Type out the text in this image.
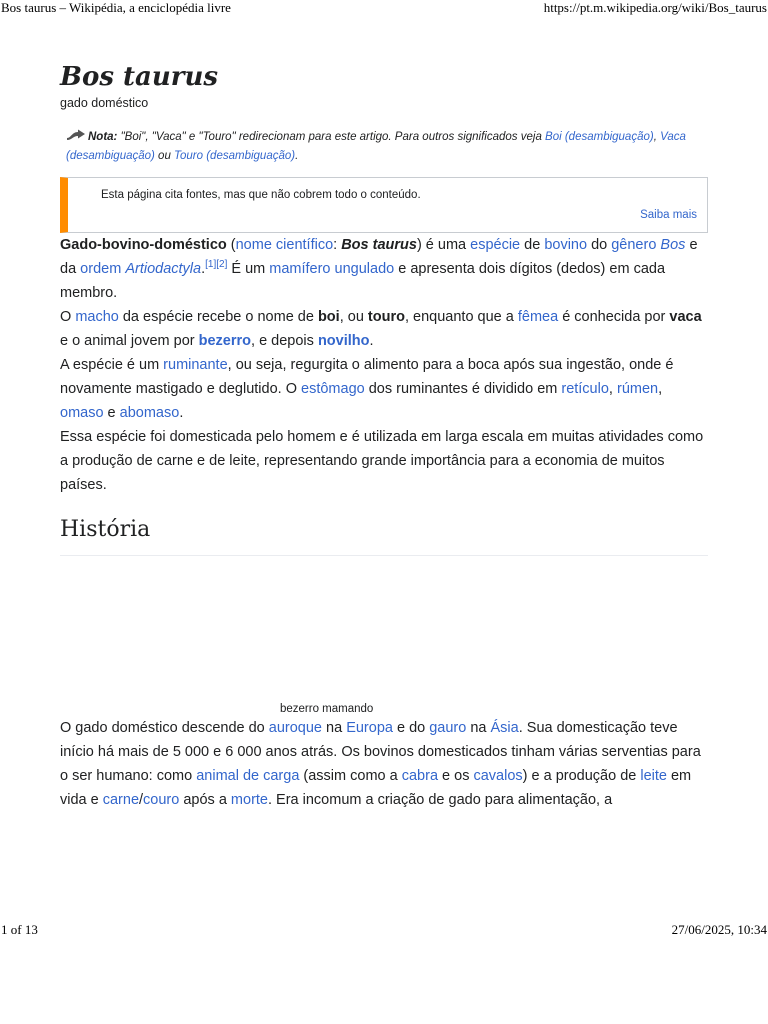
Bos taurus – Wikipédia, a enciclopédia livre	https://pt.m.wikipedia.org/wiki/Bos_taurus
Bos taurus
gado doméstico
Nota: "Boi", "Vaca" e "Touro" redirecionam para este artigo. Para outros significados veja Boi (desambiguação), Vaca (desambiguação) ou Touro (desambiguação).
Esta página cita fontes, mas que não cobrem todo o conteúdo.
Saiba mais

Gado-bovino-doméstico (nome científico: Bos taurus) é uma espécie de bovino do gênero Bos e da ordem Artiodactyla.[1][2] É um mamífero ungulado e apresenta dois dígitos (dedos) em cada membro.

O macho da espécie recebe o nome de boi, ou touro, enquanto que a fêmea é conhecida por vaca e o animal jovem por bezerro, e depois novilho.

A espécie é um ruminante, ou seja, regurgita o alimento para a boca após sua ingestão, onde é novamente mastigado e deglutido. O estômago dos ruminantes é dividido em retículo, rúmen, omaso e abomaso.

Essa espécie foi domesticada pelo homem e é utilizada em larga escala em muitas atividades como a produção de carne e de leite, representando grande importância para a economia de muitos países.

História
bezerro mamando

O gado doméstico descende do auroque na Europa e do gauro na Ásia. Sua domesticação teve início há mais de 5 000 e 6 000 anos atrás. Os bovinos domesticados tinham várias serventias para o ser humano: como animal de carga (assim como a cabra e os cavalos) e a produção de leite em vida e carne/couro após a morte. Era incomum a criação de gado para alimentação, a

1 of 13	27/06/2025, 10:34
